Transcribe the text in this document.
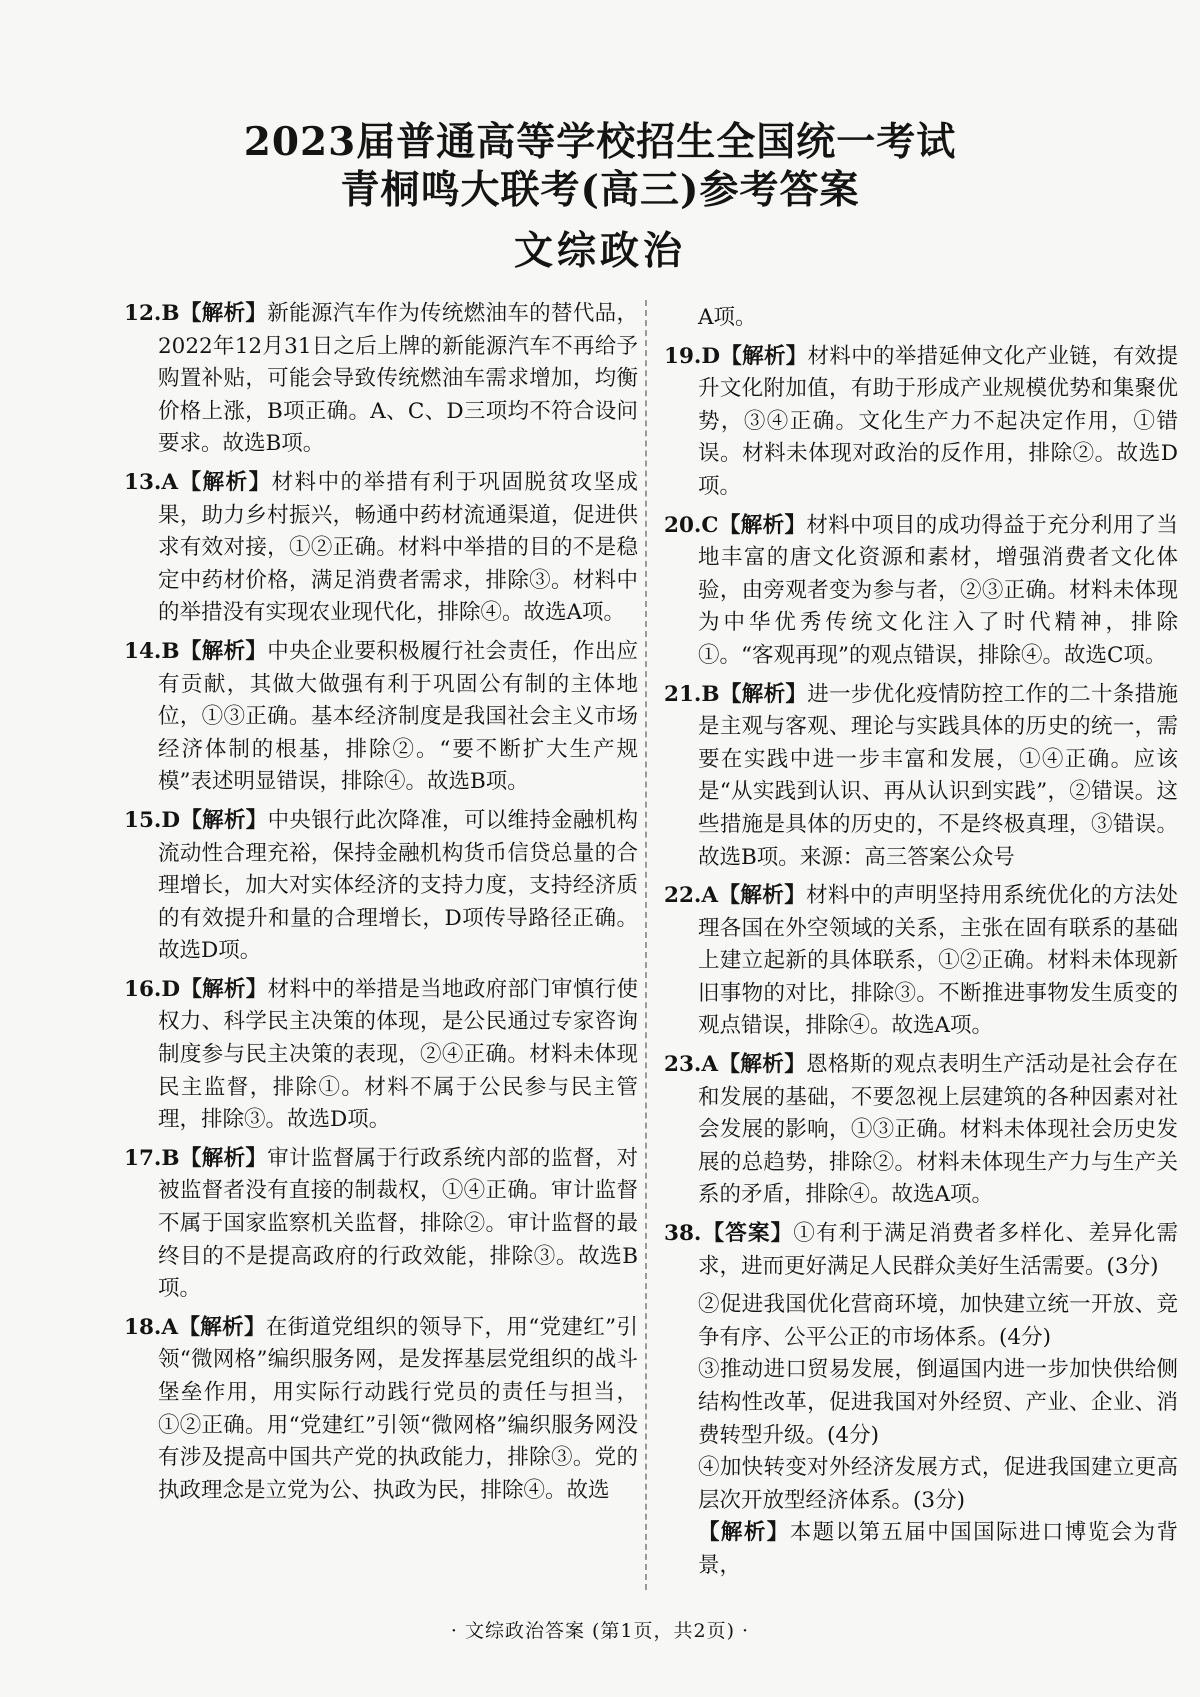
2023届普通高等学校招生全国统一考试
青桐鸣大联考(高三)参考答案
文综政治
12.B【解析】新能源汽车作为传统燃油车的替代品，2022年12月31日之后上牌的新能源汽车不再给予购置补贴，可能会导致传统燃油车需求增加，均衡价格上涨，B项正确。A、C、D三项均不符合设问要求。故选B项。
13.A【解析】材料中的举措有利于巩固脱贫攻坚成果，助力乡村振兴，畅通中药材流通渠道，促进供求有效对接，①②正确。材料中举措的目的不是稳定中药材价格，满足消费者需求，排除③。材料中的举措没有实现农业现代化，排除④。故选A项。
14.B【解析】中央企业要积极履行社会责任，作出应有贡献，其做大做强有利于巩固公有制的主体地位，①③正确。基本经济制度是我国社会主义市场经济体制的根基，排除②。“要不断扩大生产规模”表述明显错误，排除④。故选B项。
15.D【解析】中央银行此次降准，可以维持金融机构流动性合理充裕，保持金融机构货币信贷总量的合理增长，加大对实体经济的支持力度，支持经济质的有效提升和量的合理增长，D项传导路径正确。故选D项。
16.D【解析】材料中的举措是当地政府部门审慎行使权力、科学民主决策的体现，是公民通过专家咨询制度参与民主决策的表现，②④正确。材料未体现民主监督，排除①。材料不属于公民参与民主管理，排除③。故选D项。
17.B【解析】审计监督属于行政系统内部的监督，对被监督者没有直接的制裁权，①④正确。审计监督不属于国家监察机关监督，排除②。审计监督的最终目的不是提高政府的行政效能，排除③。故选B项。
18.A【解析】在街道党组织的领导下，用“党建红”引领“微网格”编织服务网，是发挥基层党组织的战斗堡垒作用，用实际行动践行党员的责任与担当，①②正确。用“党建红”引领“微网格”编织服务网没有涉及提高中国共产党的执政能力，排除③。党的执政理念是立党为公、执政为民，排除④。故选
A项。
19.D【解析】材料中的举措延伸文化产业链，有效提升文化附加值，有助于形成产业规模优势和集聚优势，③④正确。文化生产力不起决定作用，①错误。材料未体现对政治的反作用，排除②。故选D项。
20.C【解析】材料中项目的成功得益于充分利用了当地丰富的唐文化资源和素材，增强消费者文化体验，由旁观者变为参与者，②③正确。材料未体现为中华优秀传统文化注入了时代精神，排除①。“客观再现”的观点错误，排除④。故选C项。
21.B【解析】进一步优化疫情防控工作的二十条措施是主观与客观、理论与实践具体的历史的统一，需要在实践中进一步丰富和发展，①④正确。应该是“从实践到认识、再从认识到实践”，②错误。这些措施是具体的历史的，不是终极真理，③错误。故选B项。来源：高三答案公众号
22.A【解析】材料中的声明坚持用系统优化的方法处理各国在外空领域的关系，主张在固有联系的基础上建立起新的具体联系，①②正确。材料未体现新旧事物的对比，排除③。不断推进事物发生质变的观点错误，排除④。故选A项。
23.A【解析】恩格斯的观点表明生产活动是社会存在和发展的基础，不要忽视上层建筑的各种因素对社会发展的影响，①③正确。材料未体现社会历史发展的总趋势，排除②。材料未体现生产力与生产关系的矛盾，排除④。故选A项。
38.【答案】①有利于满足消费者多样化、差异化需求，进而更好满足人民群众美好生活需要。(3分)
②促进我国优化营商环境，加快建立统一开放、竞争有序、公平公正的市场体系。(4分)
③推动进口贸易发展，倒逼国内进一步加快供给侧结构性改革，促进我国对外经贸、产业、企业、消费转型升级。(4分)
④加快转变对外经济发展方式，促进我国建立更高层次开放型经济体系。(3分)
【解析】本题以第五届中国国际进口博览会为背景，
· 文综政治答案 (第1页，共2页) ·
